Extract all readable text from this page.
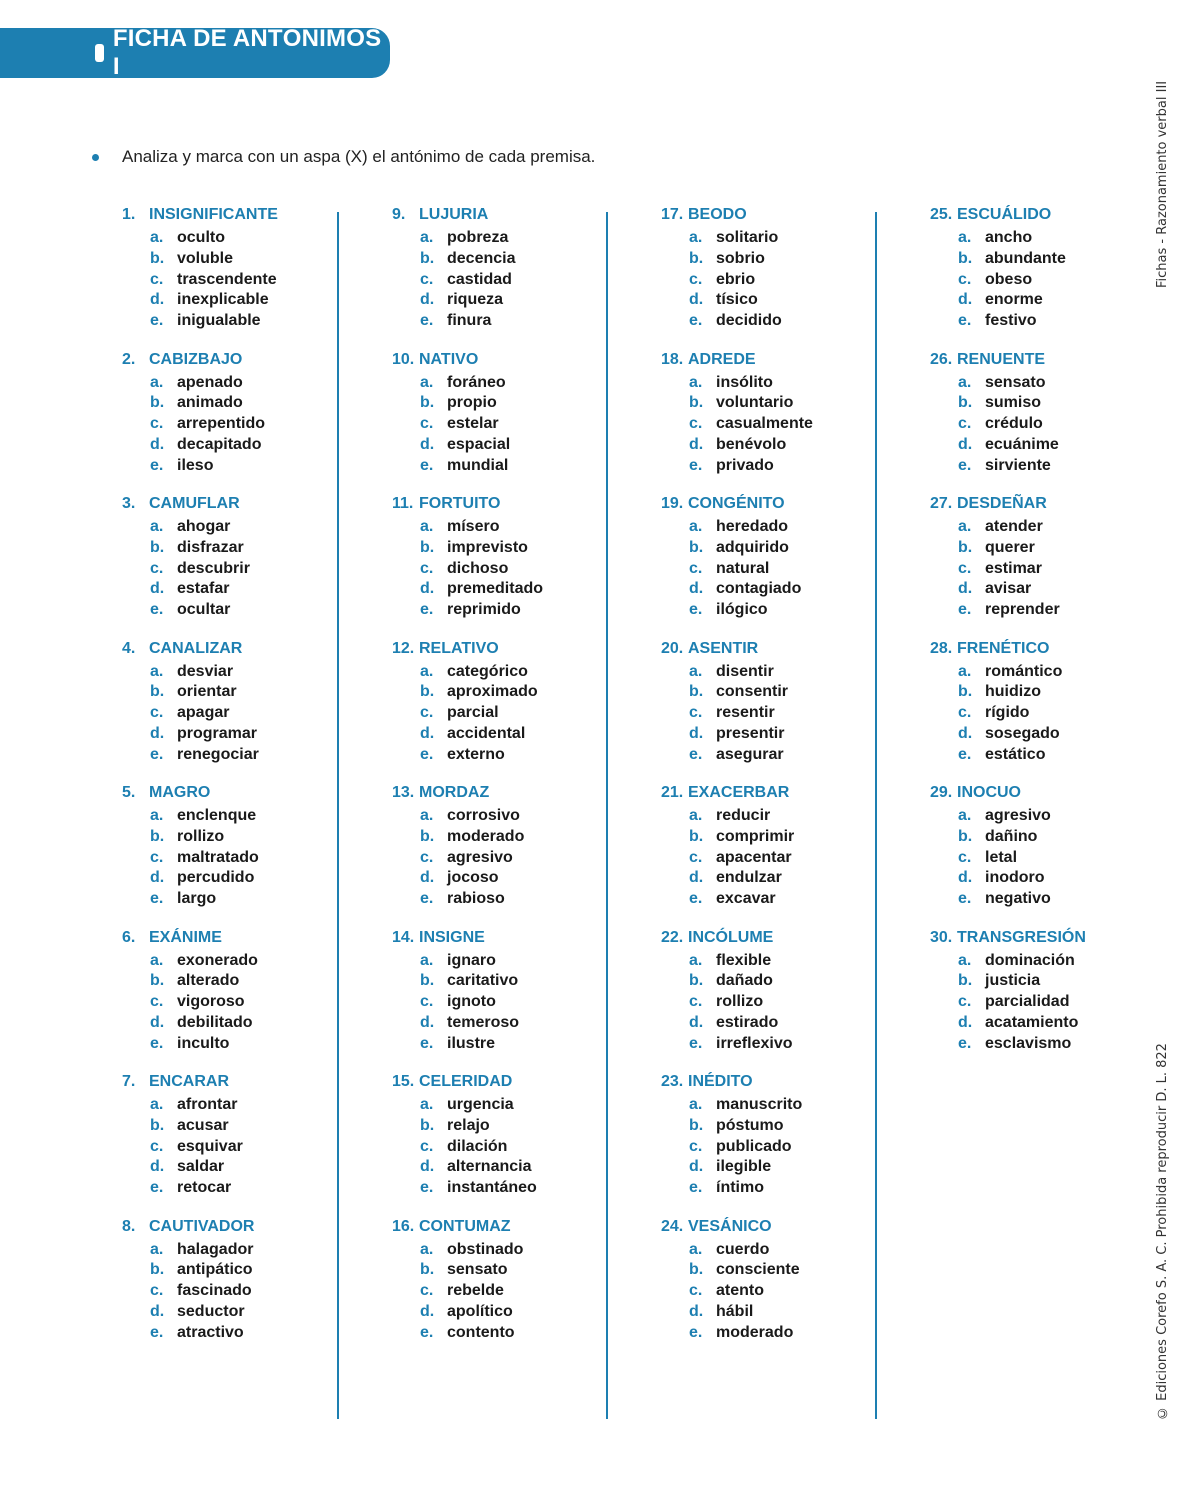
FICHA DE ANTÓNIMOS I
Fichas - Razonamiento verbal III
© Ediciones Corefo S. A. C. Prohibida reproducir D. L. 822
Analiza y marca con un aspa (X) el antónimo de cada premisa.
1. INSIGNIFICANTE
a. oculto
b. voluble
c. trascendente
d. inexplicable
e. inigualable
2. CABIZBAJO
a. apenado
b. animado
c. arrepentido
d. decapitado
e. ileso
3. CAMUFLAR
a. ahogar
b. disfrazar
c. descubrir
d. estafar
e. ocultar
4. CANALIZAR
a. desviar
b. orientar
c. apagar
d. programar
e. renegociar
5. MAGRO
a. enclenque
b. rollizo
c. maltratado
d. percudido
e. largo
6. EXÁNIME
a. exonerado
b. alterado
c. vigoroso
d. debilitado
e. inculto
7. ENCARAR
a. afrontar
b. acusar
c. esquivar
d. saldar
e. retocar
8. CAUTIVADOR
a. halagador
b. antipático
c. fascinado
d. seductor
e. atractivo
9. LUJURIA
a. pobreza
b. decencia
c. castidad
d. riqueza
e. finura
10. NATIVO
a. foráneo
b. propio
c. estelar
d. espacial
e. mundial
11. FORTUITO
a. mísero
b. imprevisto
c. dichoso
d. premeditado
e. reprimido
12. RELATIVO
a. categórico
b. aproximado
c. parcial
d. accidental
e. externo
13. MORDAZ
a. corrosivo
b. moderado
c. agresivo
d. jocoso
e. rabioso
14. INSIGNE
a. ignaro
b. caritativo
c. ignoto
d. temeroso
e. ilustre
15. CELERIDAD
a. urgencia
b. relajo
c. dilación
d. alternancia
e. instantáneo
16. CONTUMAZ
a. obstinado
b. sensato
c. rebelde
d. apolítico
e. contento
17. BEODO
a. solitario
b. sobrio
c. ebrio
d. tísico
e. decidido
18. ADREDE
a. insólito
b. voluntario
c. casualmente
d. benévolo
e. privado
19. CONGÉNITO
a. heredado
b. adquirido
c. natural
d. contagiado
e. ilógico
20. ASENTIR
a. disentir
b. consentir
c. resentir
d. presentir
e. asegurar
21. EXACERBAR
a. reducir
b. comprimir
c. apacentar
d. endulzar
e. excavar
22. INCÓLUME
a. flexible
b. dañado
c. rollizo
d. estirado
e. irreflexivo
23. INÉDITO
a. manuscrito
b. póstumo
c. publicado
d. ilegible
e. íntimo
24. VESÁNICO
a. cuerdo
b. consciente
c. atento
d. hábil
e. moderado
25. ESCUÁLIDO
a. ancho
b. abundante
c. obeso
d. enorme
e. festivo
26. RENUENTE
a. sensato
b. sumiso
c. crédulo
d. ecuánime
e. sirviente
27. DESDEÑAR
a. atender
b. querer
c. estimar
d. avisar
e. reprender
28. FRENÉTICO
a. romántico
b. huidizo
c. rígido
d. sosegado
e. estático
29. INOCUO
a. agresivo
b. dañino
c. letal
d. inodoro
e. negativo
30. TRANSGRESIÓN
a. dominación
b. justicia
c. parcialidad
d. acatamiento
e. esclavismo
